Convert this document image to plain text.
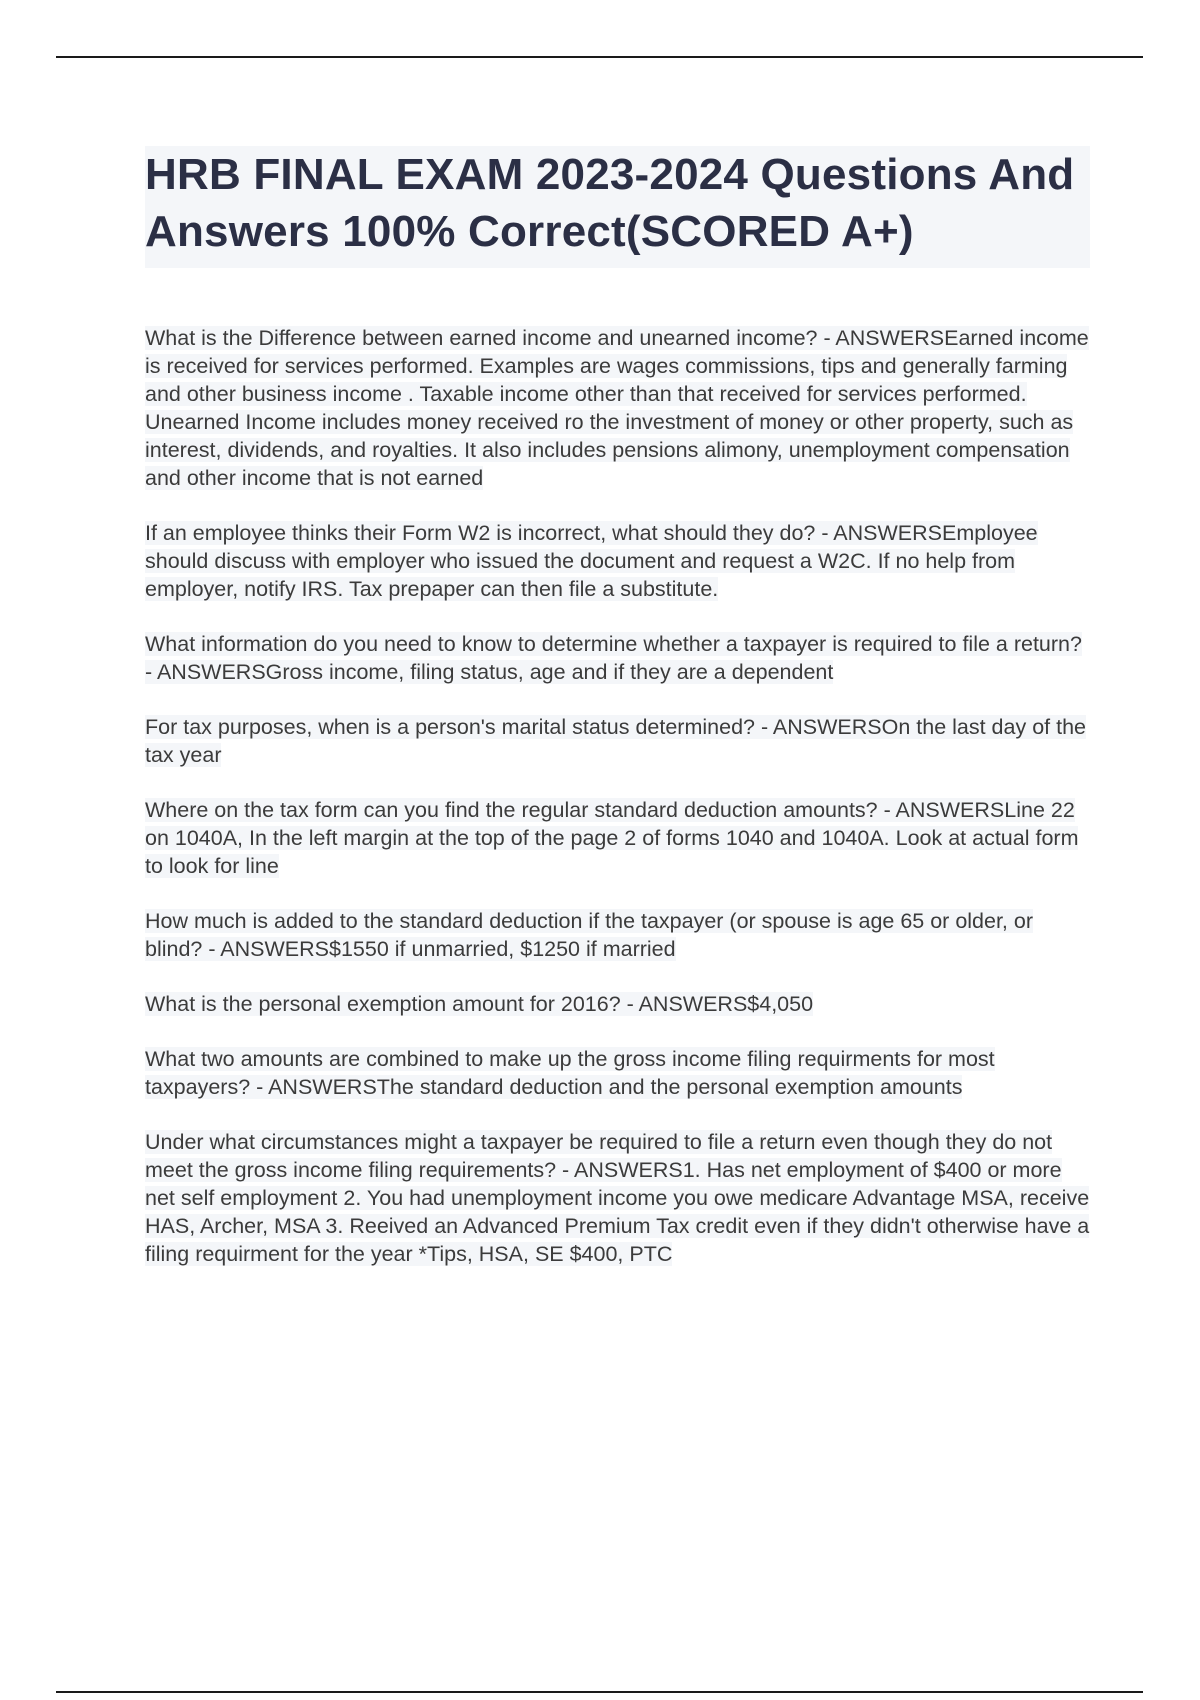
HRB FINAL EXAM 2023-2024 Questions And Answers 100% Correct(SCORED A+)

What is the Difference between earned income and unearned income? - ANSWERSEarned income is received for services performed. Examples are wages commissions, tips and generally farming and other business income . Taxable income other than that received for services performed. Unearned Income includes money received ro the investment of money or other property, such as interest, dividends, and royalties. It also includes pensions alimony, unemployment compensation and other income that is not earned

If an employee thinks their Form W2 is incorrect, what should they do? - ANSWERSEmployee should discuss with employer who issued the document and request a W2C. If no help from employer, notify IRS. Tax prepaper can then file a substitute.

What information do you need to know to determine whether a taxpayer is required to file a return? - ANSWERSGross income, filing status, age and if they are a dependent

For tax purposes, when is a person's marital status determined? - ANSWERSOn the last day of the tax year

Where on the tax form can you find the regular standard deduction amounts? - ANSWERSLine 22 on 1040A, In the left margin at the top of the page 2 of forms 1040 and 1040A. Look at actual form to look for line

How much is added to the standard deduction if the taxpayer (or spouse is age 65 or older, or blind? - ANSWERS$1550 if unmarried, $1250 if married

What is the personal exemption amount for 2016? - ANSWERS$4,050

What two amounts are combined to make up the gross income filing requirments for most taxpayers? - ANSWERSThe standard deduction and the personal exemption amounts

Under what circumstances might a taxpayer be required to file a return even though they do not meet the gross income filing requirements? - ANSWERS1. Has net employment of $400 or more net self employment 2. You had unemployment income you owe medicare Advantage MSA, receive HAS, Archer, MSA 3. Reeived an Advanced Premium Tax credit even if they didn't otherwise have a filing requirment for the year *Tips, HSA, SE $400, PTC
